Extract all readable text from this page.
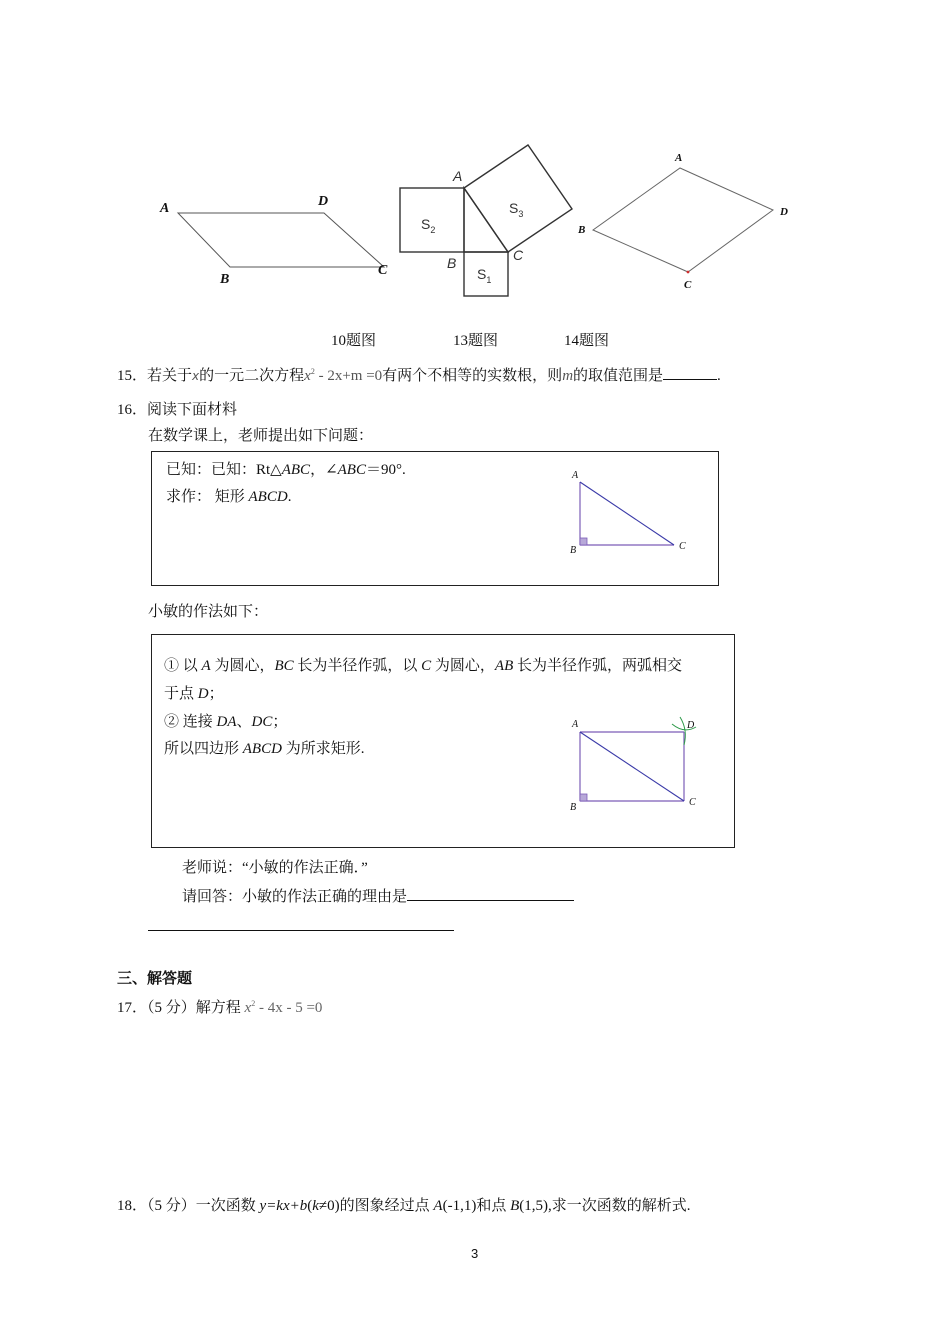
A	D
B
C
A
B	C
$S_2$
$S_3$
$S_1$
A
D
B
C
10题图	13题图	14题图
15．若关于x的一元二次方程$x^2 - 2x+m =0$有两个不相等的实数根，则m的取值范围是	.
16．阅读下面材料
在数学课上，老师提出如下问题：
已知：已知：Rt△ABC，∠ABC＝90°.
求作： 矩形 ABCD.
A
B	C
小敏的作法如下：
① 以 A 为圆心，BC 长为半径作弧，以 C 为圆心，AB 长为半径作弧，两弧相交
于点 D；
② 连接 DA、DC；
所以四边形 ABCD 为所求矩形.
A	D
B	C
老师说：“小敏的作法正确．”
请回答：小敏的作法正确的理由是
三、解答题
17．（5 分）解方程 $x^2 - 4x - 5 =0$
18．（5 分）一次函数 y=kx+b(k≠0)的图象经过点 A(-1,1)和点 B(1,5),求一次函数的解析式.
3
